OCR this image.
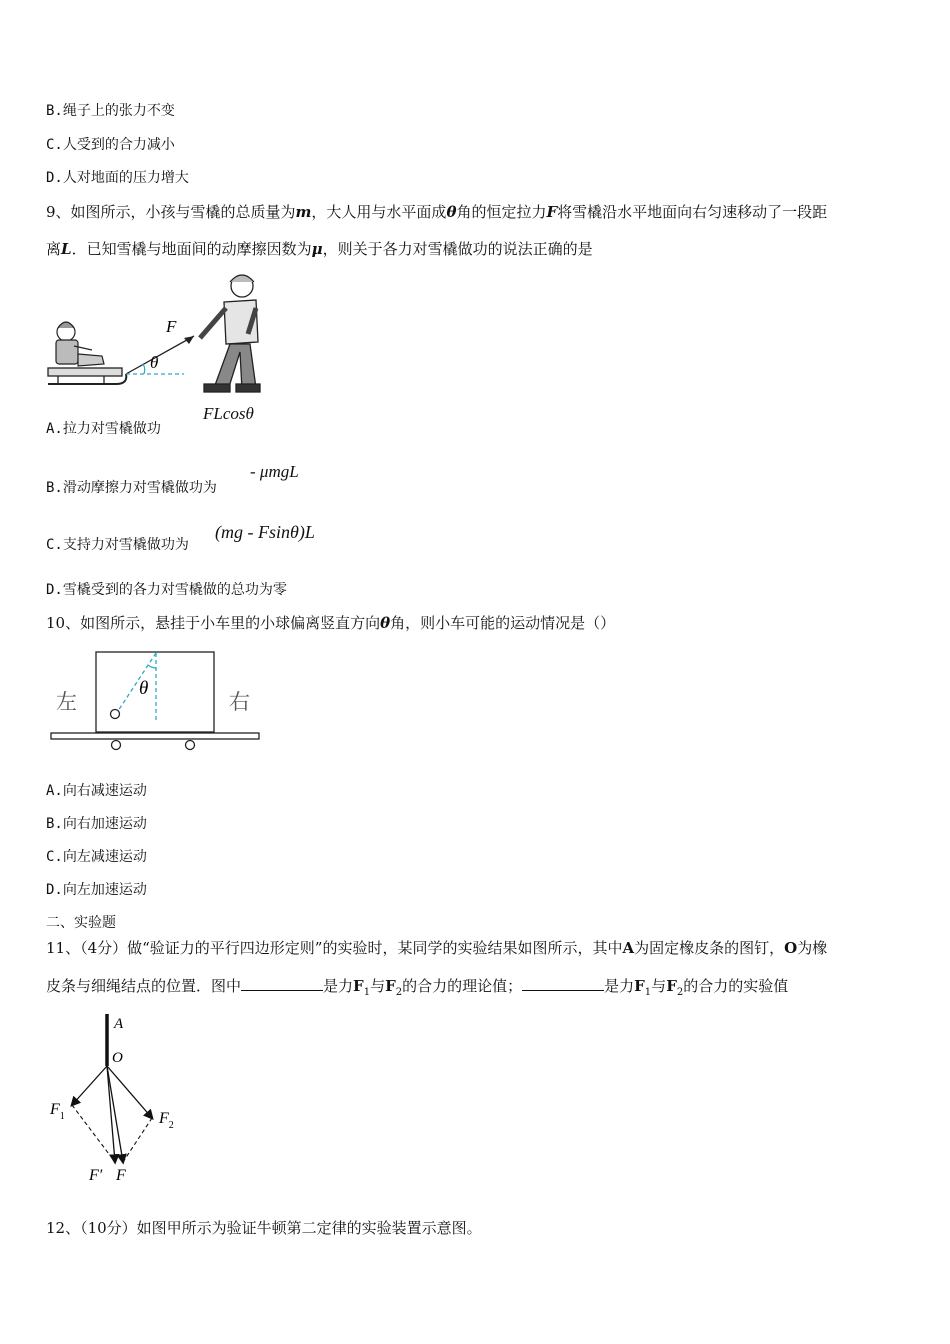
B.绳子上的张力不变
C.人受到的合力减小
D.人对地面的压力增大
9、如图所示，小孩与雪橇的总质量为m，大人用与水平面成θ角的恒定拉力F将雪橇沿水平地面向右匀速移动了一段距
离L．已知雪橇与地面间的动摩擦因数为μ，则关于各力对雪橇做功的说法正确的是
F
θ
A.拉力对雪橇做功
FLcosθ
B.滑动摩擦力对雪橇做功为
- μmgL
C.支持力对雪橇做功为
(mg - Fsinθ)L
D.雪橇受到的各力对雪橇做的总功为零
10、如图所示，悬挂于小车里的小球偏离竖直方向θ角，则小车可能的运动情况是（）
θ
左	右
A.向右减速运动
B.向右加速运动
C.向左减速运动
D.向左加速运动
二、实验题
11、（4分）做“验证力的平行四边形定则”的实验时，某同学的实验结果如图所示，其中A为固定橡皮条的图钉，O为橡
皮条与细绳结点的位置．图中	是力$F_1$与$F_2$的合力的理论值；	是力$F_1$与$F_2$的合力的实验值
A
O
$F_1$	$F_2$
F′ F
12、（10分）如图甲所示为验证牛顿第二定律的实验装置示意图。
